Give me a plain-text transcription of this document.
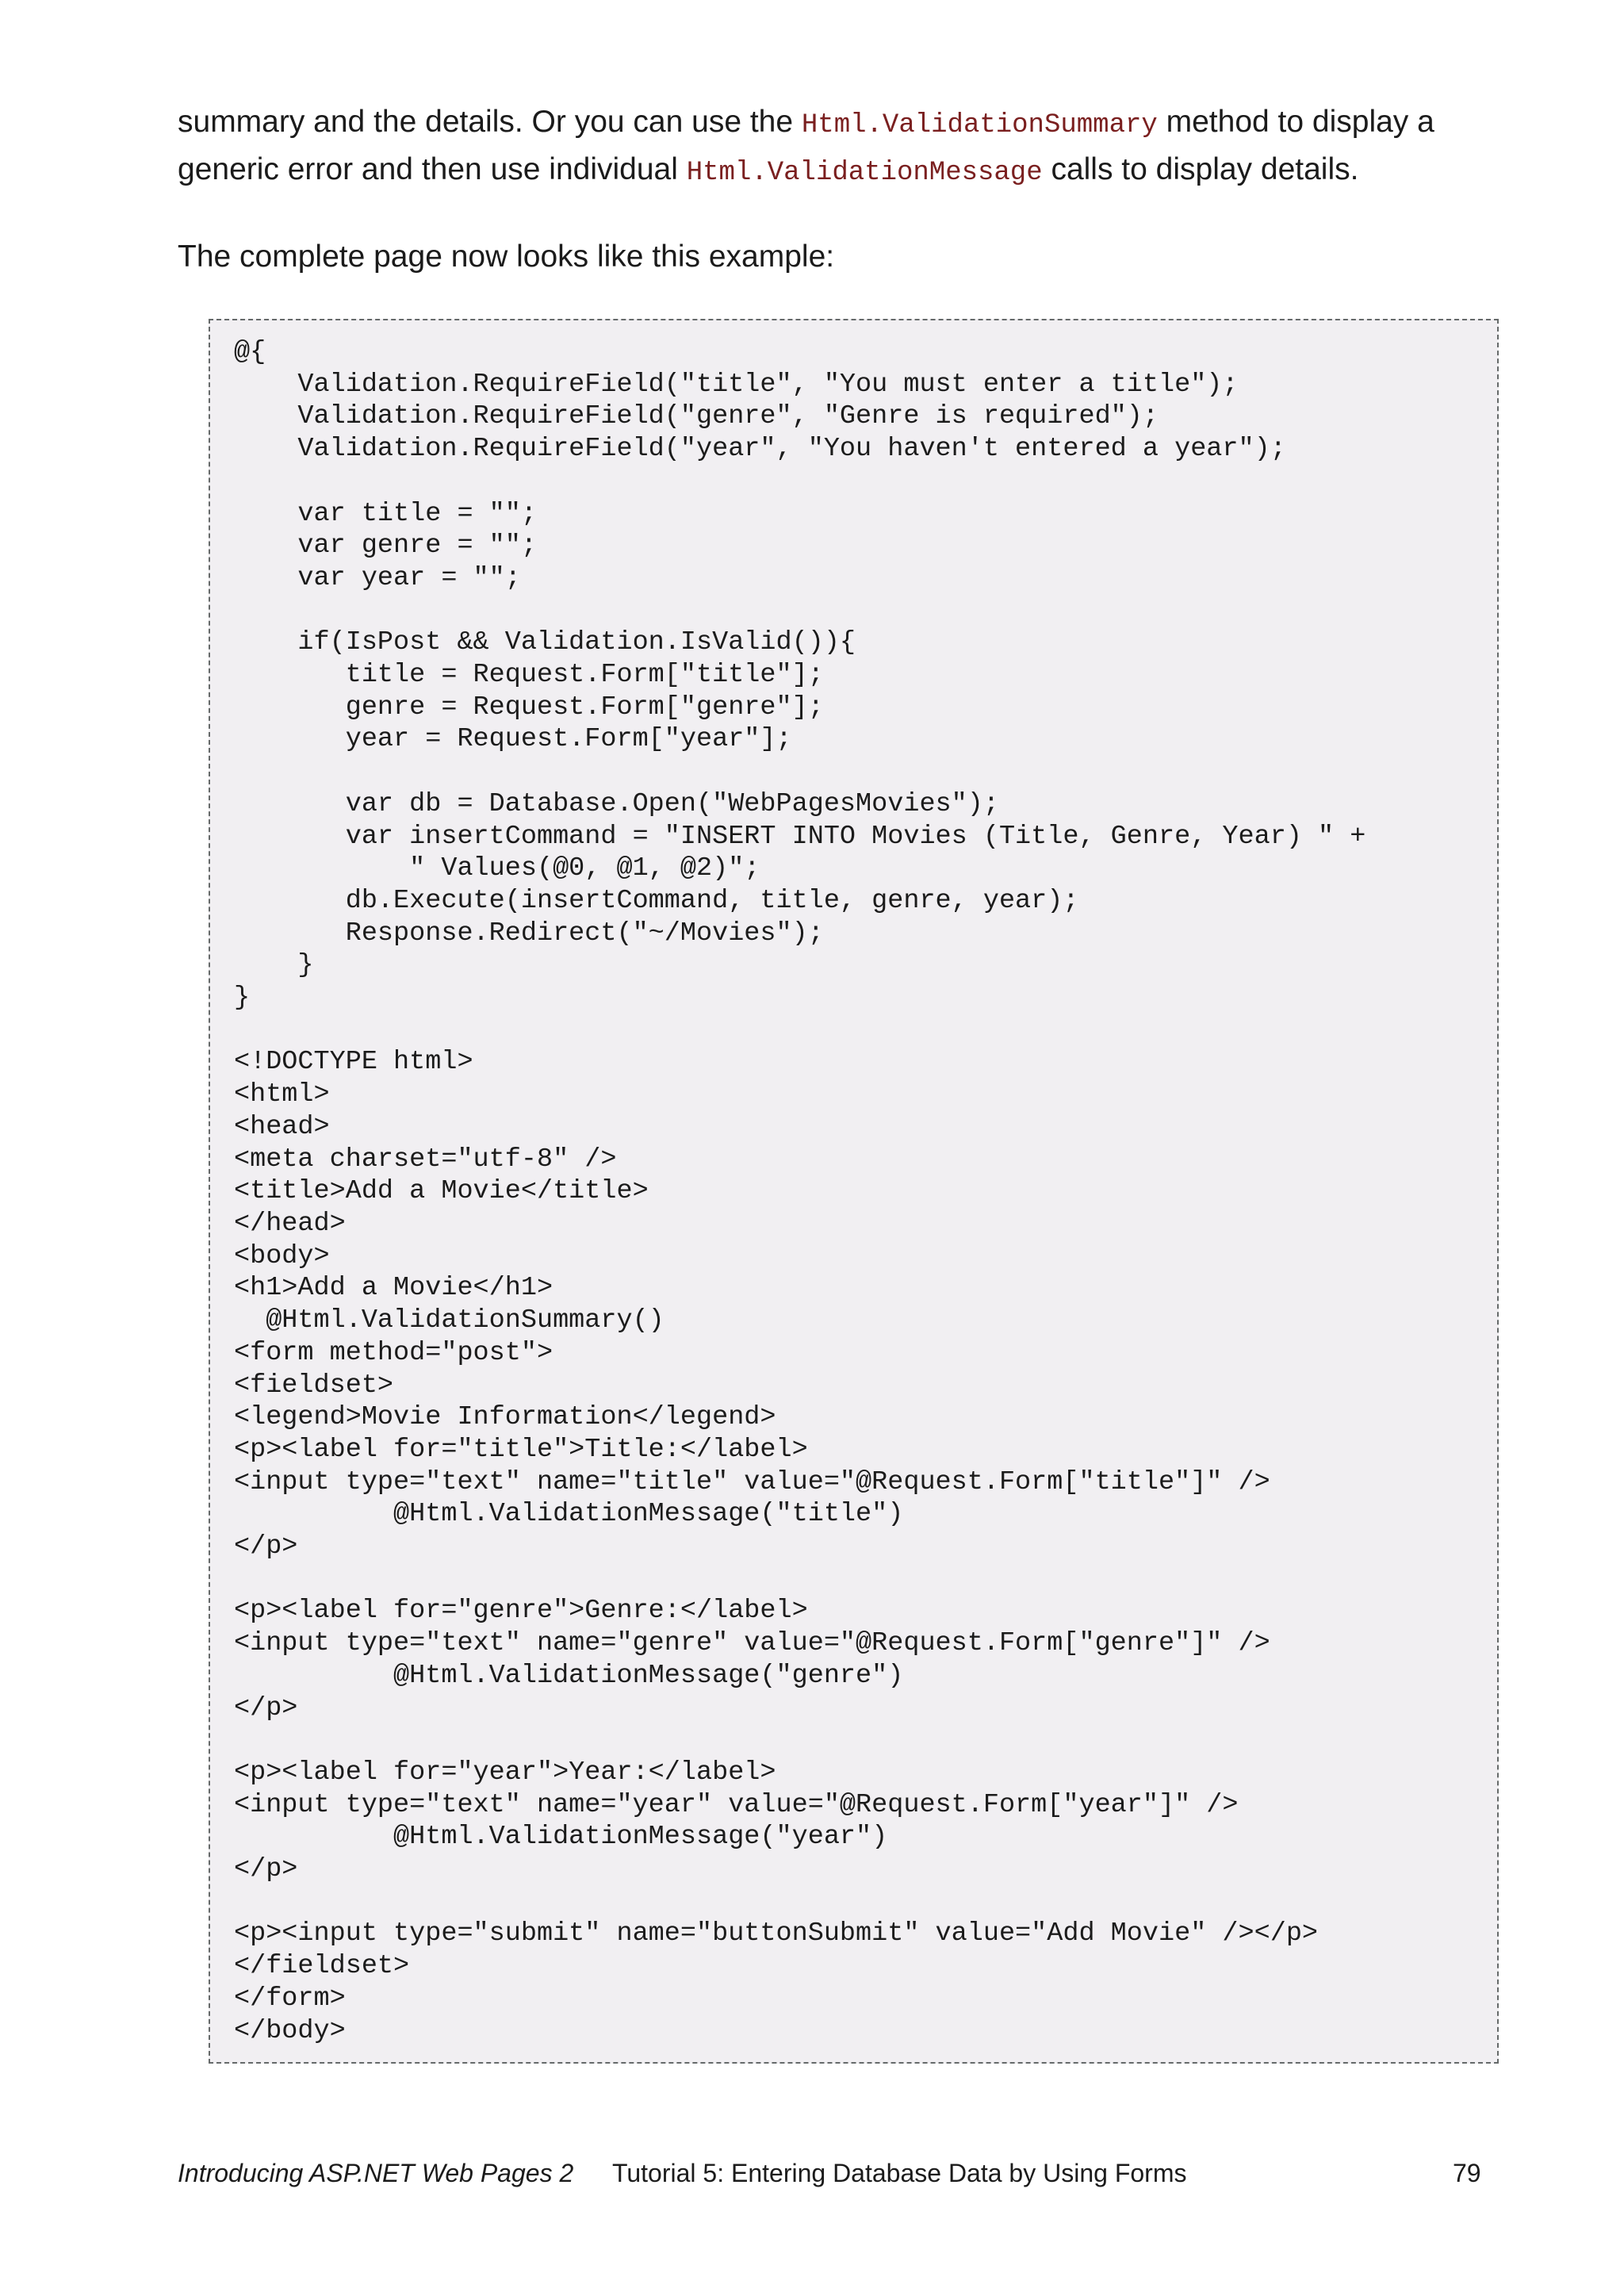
summary and the details. Or you can use the Html.ValidationSummary method to display a generic error and then use individual Html.ValidationMessage calls to display details.

The complete page now looks like this example:

@{
Validation.RequireField("title", "You must enter a title");
Validation.RequireField("genre", "Genre is required");
Validation.RequireField("year", "You haven't entered a year");

var title = "";
var genre = "";
var year = "";

if(IsPost && Validation.IsValid()){
title = Request.Form["title"];
genre = Request.Form["genre"];
year = Request.Form["year"];

var db = Database.Open("WebPagesMovies");
var insertCommand = "INSERT INTO Movies (Title, Genre, Year) " +
" Values(@0, @1, @2)";
db.Execute(insertCommand, title, genre, year);
Response.Redirect("~/Movies");
}
}

<!DOCTYPE html>
<html>
<head>
<meta charset="utf-8" />
<title>Add a Movie</title>
</head>
<body>
<h1>Add a Movie</h1>
@Html.ValidationSummary()
<form method="post">
<fieldset>
<legend>Movie Information</legend>
<p><label for="title">Title:</label>
<input type="text" name="title" value="@Request.Form["title"]" />
@Html.ValidationMessage("title")
</p>

<p><label for="genre">Genre:</label>
<input type="text" name="genre" value="@Request.Form["genre"]" />
@Html.ValidationMessage("genre")
</p>

<p><label for="year">Year:</label>
<input type="text" name="year" value="@Request.Form["year"]" />
@Html.ValidationMessage("year")
</p>

<p><input type="submit" name="buttonSubmit" value="Add Movie" /></p>
</fieldset>
</form>
</body>
Introducing ASP.NET Web Pages 2 Tutorial 5: Entering Database Data by Using Forms	79
